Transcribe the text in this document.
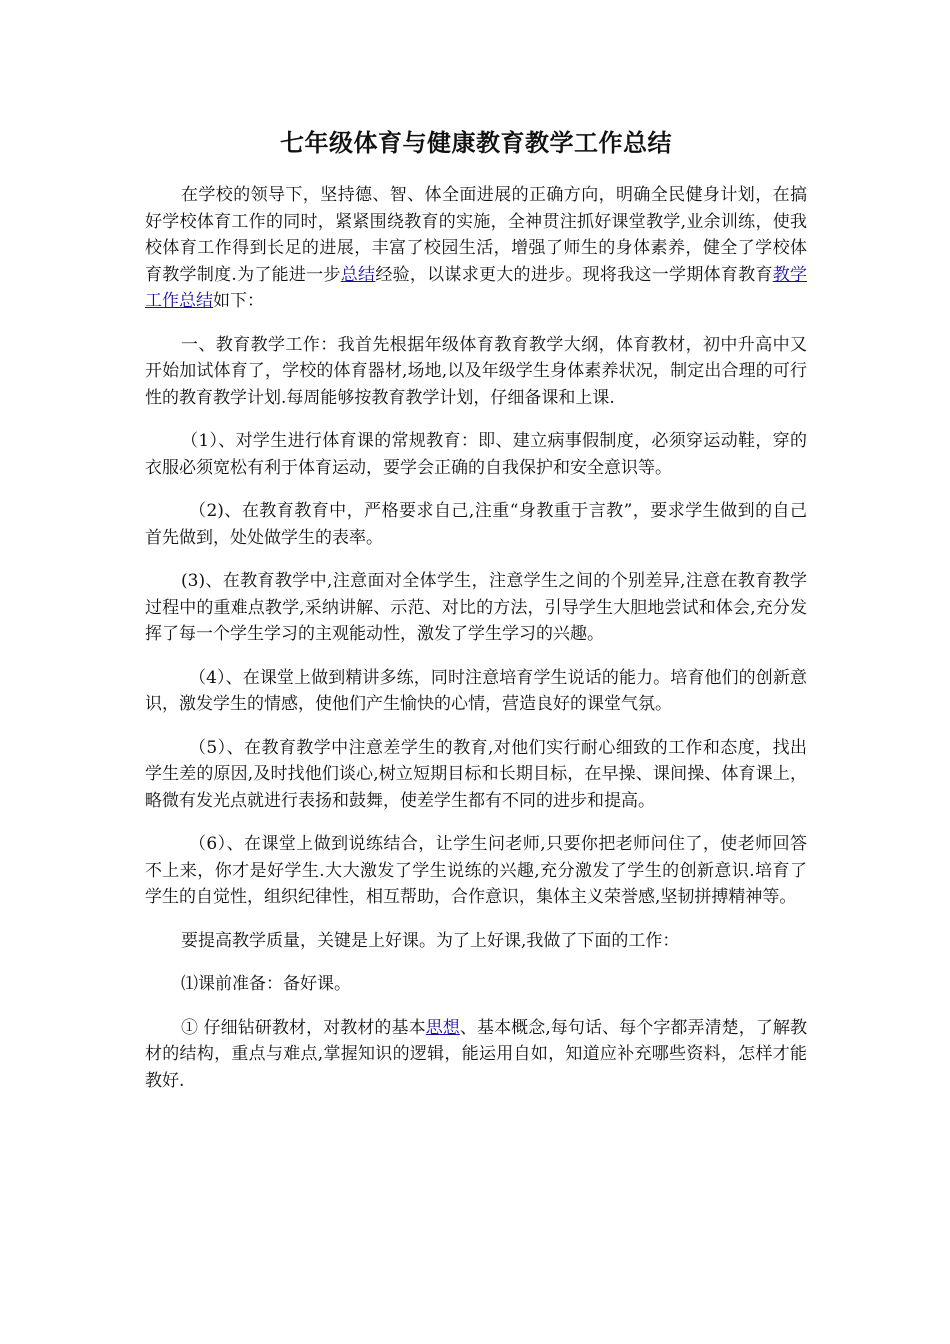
七年级体育与健康教育教学工作总结

在学校的领导下，坚持德、智、体全面进展的正确方向，明确全民健身计划，在搞好学校体育工作的同时，紧紧围绕教育的实施，全神贯注抓好课堂教学,业余训练，使我校体育工作得到长足的进展，丰富了校园生活，增强了师生的身体素养，健全了学校体育教学制度.为了能进一步总结经验，以谋求更大的进步。现将我这一学期体育教育教学工作总结如下：

一、教育教学工作：我首先根据年级体育教育教学大纲，体育教材，初中升高中又开始加试体育了，学校的体育器材,场地,以及年级学生身体素养状况，制定出合理的可行性的教育教学计划.每周能够按教育教学计划，仔细备课和上课.

（1）、对学生进行体育课的常规教育：即、建立病事假制度，必须穿运动鞋，穿的衣服必须宽松有利于体育运动，要学会正确的自我保护和安全意识等。

（2)、在教育教育中，严格要求自己,注重“身教重于言教”，要求学生做到的自己首先做到，处处做学生的表率。

(3)、在教育教学中,注意面对全体学生，注意学生之间的个别差异,注意在教育教学过程中的重难点教学,采纳讲解、示范、对比的方法，引导学生大胆地尝试和体会,充分发挥了每一个学生学习的主观能动性，激发了学生学习的兴趣。

（4）、在课堂上做到精讲多练，同时注意培育学生说话的能力。培育他们的创新意识，激发学生的情感，使他们产生愉快的心情，营造良好的课堂气氛。

（5）、在教育教学中注意差学生的教育,对他们实行耐心细致的工作和态度，找出学生差的原因,及时找他们谈心,树立短期目标和长期目标，在早操、课间操、体育课上，略微有发光点就进行表扬和鼓舞，使差学生都有不同的进步和提高。

（6）、在课堂上做到说练结合，让学生问老师,只要你把老师问住了，使老师回答不上来，你才是好学生.大大激发了学生说练的兴趣,充分激发了学生的创新意识.培育了学生的自觉性，组织纪律性，相互帮助，合作意识，集体主义荣誉感,坚韧拼搏精神等。

要提高教学质量，关键是上好课。为了上好课,我做了下面的工作：

⑴课前准备：备好课。

① 仔细钻研教材，对教材的基本思想、基本概念,每句话、每个字都弄清楚，了解教材的结构，重点与难点,掌握知识的逻辑，能运用自如，知道应补充哪些资料，怎样才能教好.
